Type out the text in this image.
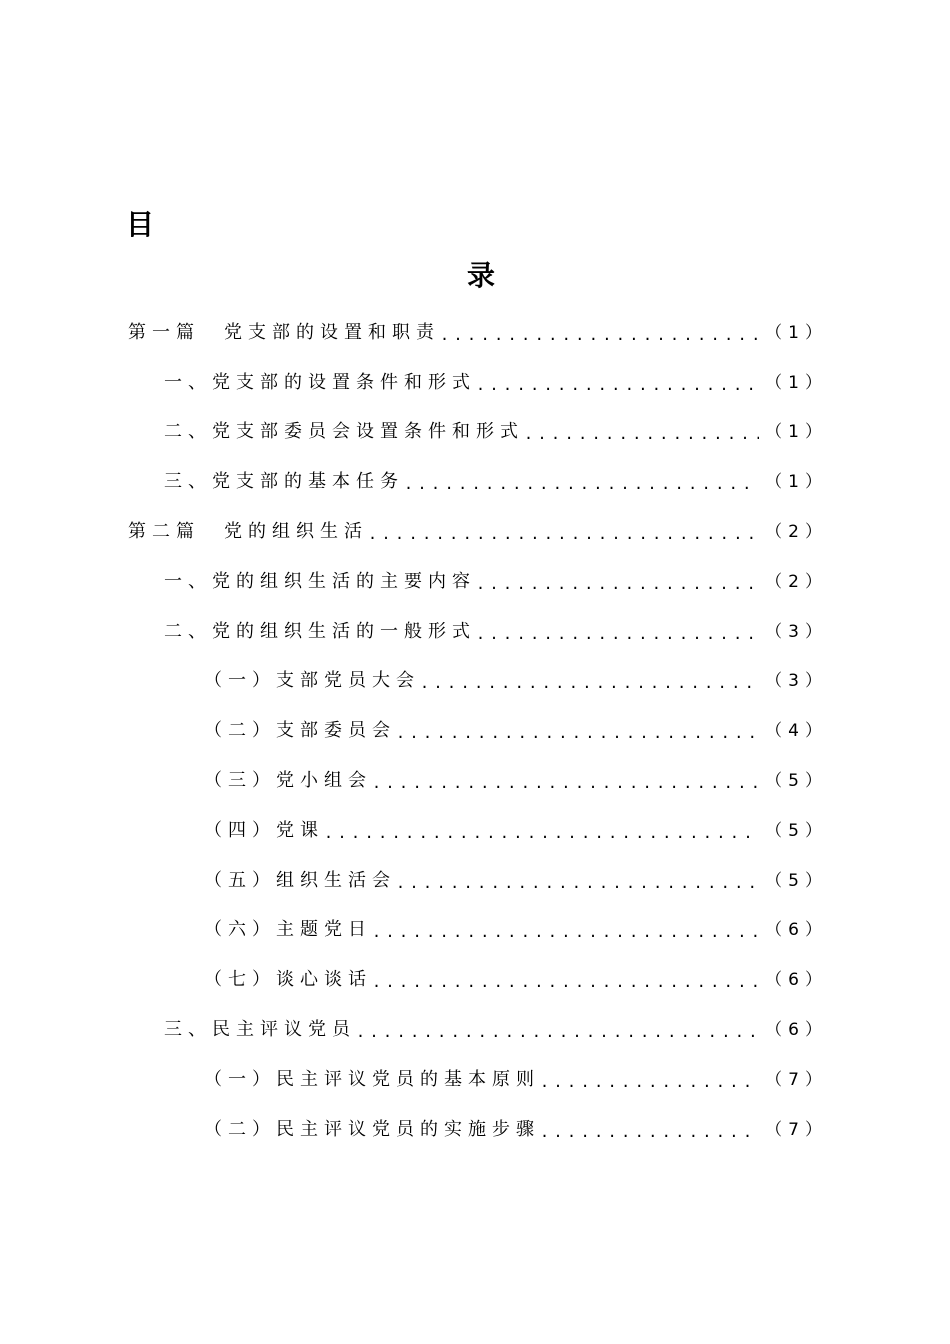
目
录
第一篇　党支部的设置和职责 .....	（1）
一、党支部的设置条件和形式 .....	（1）
二、党支部委员会设置条件和形式 .....	（1）
三、党支部的基本任务 .....	（1）
第二篇　党的组织生活 .....	（2）
一、党的组织生活的主要内容 .....	（2）
二、党的组织生活的一般形式 .....	（3）
（一）支部党员大会 .....	（3）
（二）支部委员会 .....	（4）
（三）党小组会 .....	（5）
（四）党课 .....	（5）
（五）组织生活会 .....	（5）
（六）主题党日 .....	（6）
（七）谈心谈话 .....	（6）
三、民主评议党员 .....	（6）
（一）民主评议党员的基本原则 .....	（7）
（二）民主评议党员的实施步骤 .....	（7）
